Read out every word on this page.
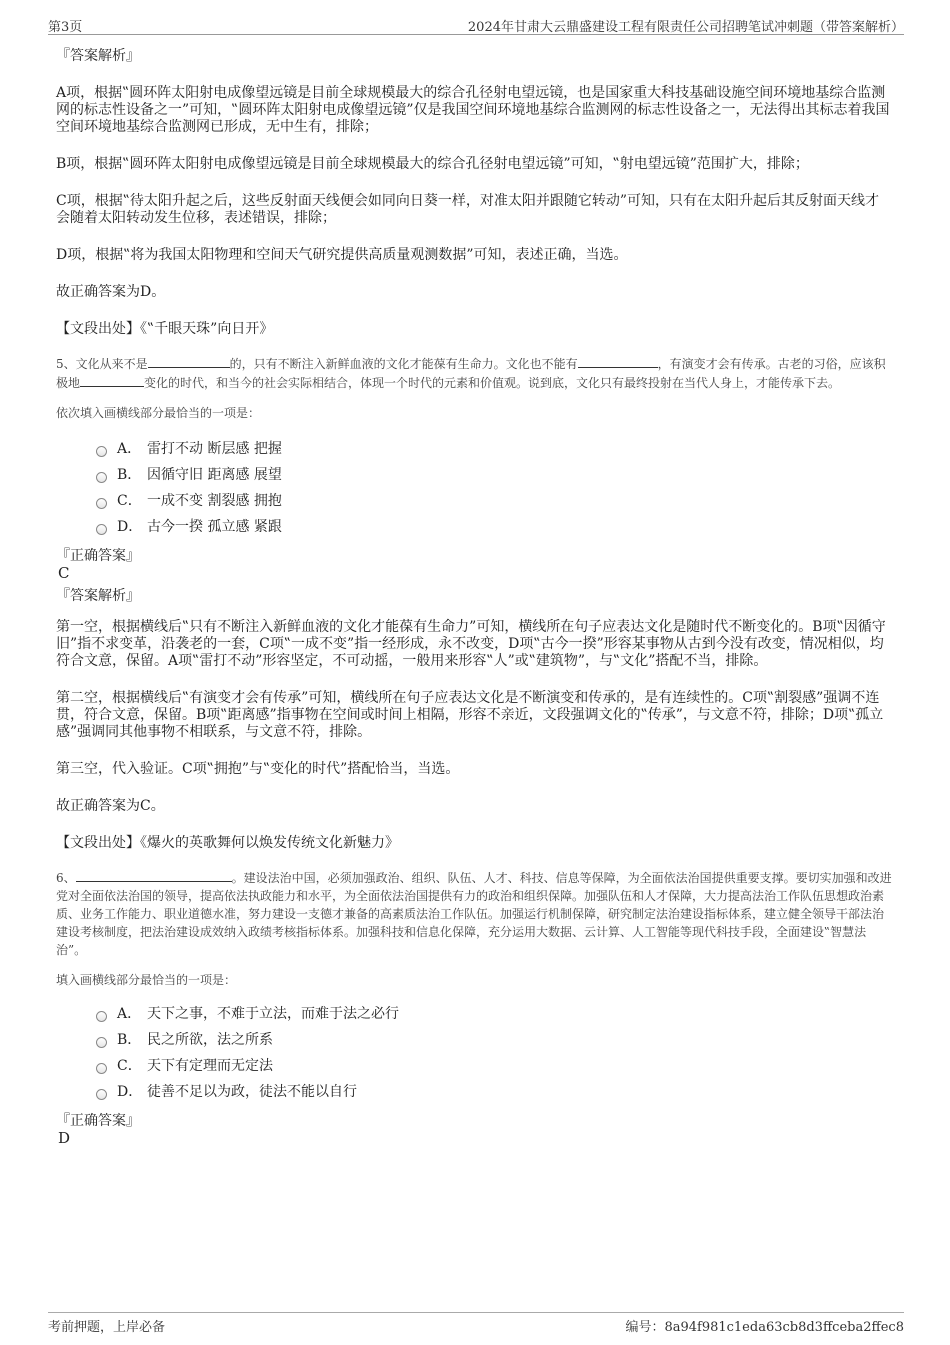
第3页	2024年甘肃大云鼎盛建设工程有限责任公司招聘笔试冲刺题（带答案解析）
『答案解析』

A项，根据‟圆环阵太阳射电成像望远镜是目前全球规模最大的综合孔径射电望远镜，也是国家重大科技基础设施空间环境地基综合监测网的标志性设备之一”可知，‟圆环阵太阳射电成像望远镜”仅是我国空间环境地基综合监测网的标志性设备之一，无法得出其标志着我国空间环境地基综合监测网已形成，无中生有，排除；

B项，根据‟圆环阵太阳射电成像望远镜是目前全球规模最大的综合孔径射电望远镜”可知，‟射电望远镜”范围扩大，排除；

C项，根据‟待太阳升起之后，这些反射面天线便会如同向日葵一样，对准太阳并跟随它转动”可知，只有在太阳升起后其反射面天线才会随着太阳转动发生位移，表述错误，排除；

D项，根据‟将为我国太阳物理和空间天气研究提供高质量观测数据”可知，表述正确，当选。

故正确答案为D。

【文段出处】《‟千眼天珠”向日开》

5、文化从来不是	的，只有不断注入新鲜血液的文化才能葆有生命力。文化也不能有	，有演变才会有传承。古老的习俗，应该积极地	变化的时代，和当今的社会实际相结合，体现一个时代的元素和价值观。说到底，文化只有最终投射在当代人身上，才能传承下去。
依次填入画横线部分最恰当的一项是：
A． 雷打不动 断层感 把握
B． 因循守旧 距离感 展望
C． 一成不变 割裂感 拥抱
D． 古今一揆 孤立感 紧跟
『正确答案』
C
『答案解析』

第一空，根据横线后‟只有不断注入新鲜血液的文化才能葆有生命力”可知，横线所在句子应表达文化是随时代不断变化的。B项‟因循守旧”指不求变革，沿袭老的一套，C项‟一成不变”指一经形成，永不改变，D项‟古今一揆”形容某事物从古到今没有改变，情况相似，均符合文意，保留。A项‟雷打不动”形容坚定，不可动摇，一般用来形容‟人”或‟建筑物”，与‟文化”搭配不当，排除。

第二空，根据横线后‟有演变才会有传承”可知，横线所在句子应表达文化是不断演变和传承的，是有连续性的。C项‟割裂感”强调不连贯，符合文意，保留。B项‟距离感”指事物在空间或时间上相隔，形容不亲近，文段强调文化的‟传承”，与文意不符，排除；D项‟孤立感”强调同其他事物不相联系，与文意不符，排除。

第三空，代入验证。C项‟拥抱”与‟变化的时代”搭配恰当，当选。

故正确答案为C。

【文段出处】《爆火的英歌舞何以焕发传统文化新魅力》

6、	。建设法治中国，必须加强政治、组织、队伍、人才、科技、信息等保障，为全面依法治国提供重要支撑。要切实加强和改进党对全面依法治国的领导，提高依法执政能力和水平，为全面依法治国提供有力的政治和组织保障。加强队伍和人才保障，大力提高法治工作队伍思想政治素质、业务工作能力、职业道德水准，努力建设一支德才兼备的高素质法治工作队伍。加强运行机制保障，研究制定法治建设指标体系，建立健全领导干部法治建设考核制度，把法治建设成效纳入政绩考核指标体系。加强科技和信息化保障，充分运用大数据、云计算、人工智能等现代科技手段，全面建设‟智慧法治”。
填入画横线部分最恰当的一项是：
A． 天下之事，不难于立法，而难于法之必行
B． 民之所欲，法之所系
C． 天下有定理而无定法
D． 徒善不足以为政，徒法不能以自行
『正确答案』
D
考前押题，上岸必备	编号：8a94f981c1eda63cb8d3ffceba2ffec8
